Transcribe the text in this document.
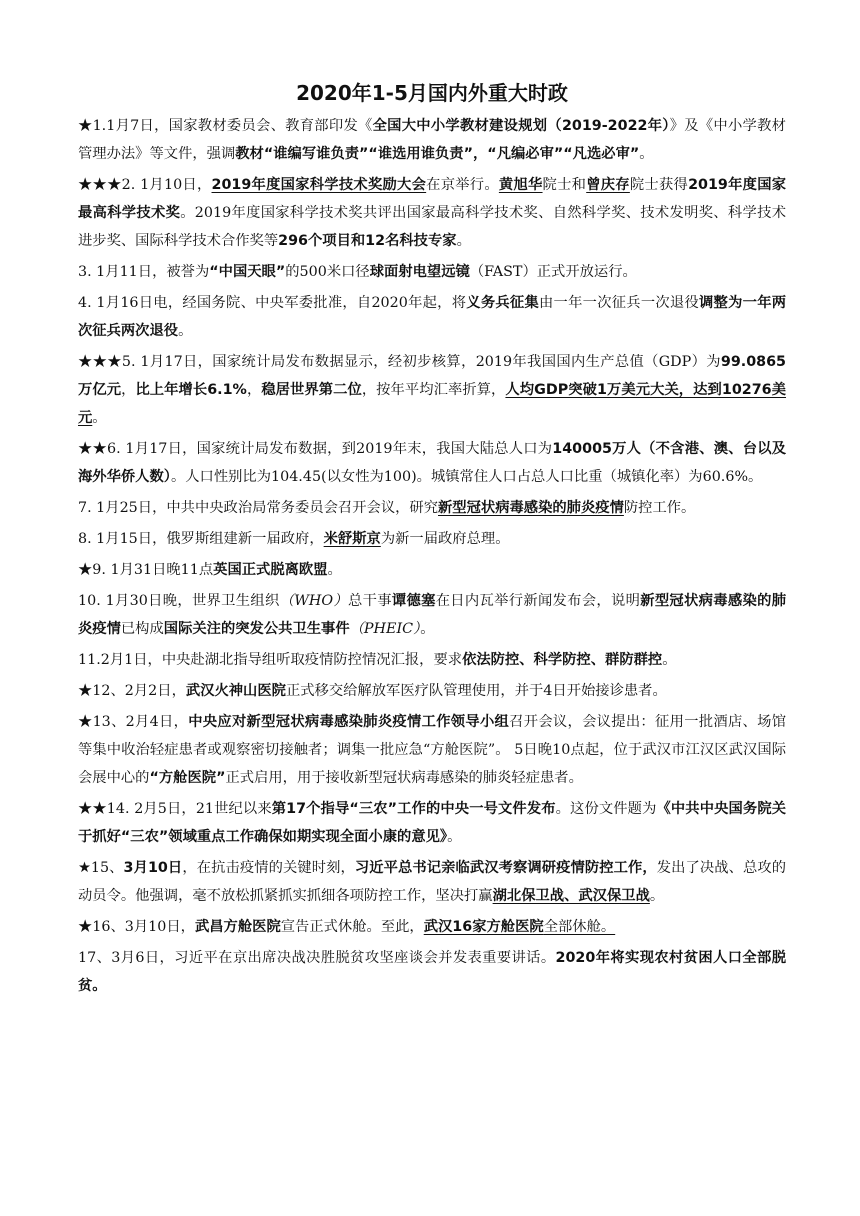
2020年1-5月国内外重大时政

★1.1月7日，国家教材委员会、教育部印发《全国大中小学教材建设规划（2019-2022年）》及《中小学教材管理办法》等文件，强调教材“谁编写谁负责”“谁选用谁负责”，“凡编必审”“凡选必审”。

★★★2. 1月10日，2019年度国家科学技术奖励大会在京举行。黄旭华院士和曾庆存院士获得2019年度国家最高科学技术奖。2019年度国家科学技术奖共评出国家最高科学技术奖、自然科学奖、技术发明奖、科学技术进步奖、国际科学技术合作奖等296个项目和12名科技专家。

3. 1月11日，被誉为“中国天眼”的500米口径球面射电望远镜（FAST）正式开放运行。

4. 1月16日电，经国务院、中央军委批准，自2020年起，将义务兵征集由一年一次征兵一次退役调整为一年两次征兵两次退役。

★★★5. 1月17日，国家统计局发布数据显示，经初步核算，2019年我国国内生产总值（GDP）为99.0865万亿元，比上年增长6.1%，稳居世界第二位，按年平均汇率折算，人均GDP突破1万美元大关，达到10276美元。

★★6. 1月17日，国家统计局发布数据，到2019年末，我国大陆总人口为140005万人（不含港、澳、台以及海外华侨人数）。人口性别比为104.45(以女性为100)。城镇常住人口占总人口比重（城镇化率）为60.6%。

7. 1月25日，中共中央政治局常务委员会召开会议，研究新型冠状病毒感染的肺炎疫情防控工作。

8. 1月15日，俄罗斯组建新一届政府，米舒斯京为新一届政府总理。

★9. 1月31日晚11点英国正式脱离欧盟。

10. 1月30日晚，世界卫生组织（WHO）总干事谭德塞在日内瓦举行新闻发布会，说明新型冠状病毒感染的肺炎疫情已构成国际关注的突发公共卫生事件（PHEIC）。

11.2月1日，中央赴湖北指导组听取疫情防控情况汇报，要求依法防控、科学防控、群防群控。

★12、2月2日，武汉火神山医院正式移交给解放军医疗队管理使用，并于4日开始接诊患者。

★13、2月4日，中央应对新型冠状病毒感染肺炎疫情工作领导小组召开会议，会议提出：征用一批酒店、场馆等集中收治轻症患者或观察密切接触者；调集一批应急“方舱医院”。 5日晚10点起，位于武汉市江汉区武汉国际会展中心的“方舱医院”正式启用，用于接收新型冠状病毒感染的肺炎轻症患者。

★★14. 2月5日，21世纪以来第17个指导“三农”工作的中央一号文件发布。这份文件题为《中共中央国务院关于抓好“三农”领域重点工作确保如期实现全面小康的意见》。

★15、3月10日，在抗击疫情的关键时刻，习近平总书记亲临武汉考察调研疫情防控工作，发出了决战、总攻的动员令。他强调，毫不放松抓紧抓实抓细各项防控工作，坚决打赢湖北保卫战、武汉保卫战。

★16、3月10日，武昌方舱医院宣告正式休舱。至此，武汉16家方舱医院全部休舱。

17、3月6日，习近平在京出席决战决胜脱贫攻坚座谈会并发表重要讲话。2020年将实现农村贫困人口全部脱贫。
